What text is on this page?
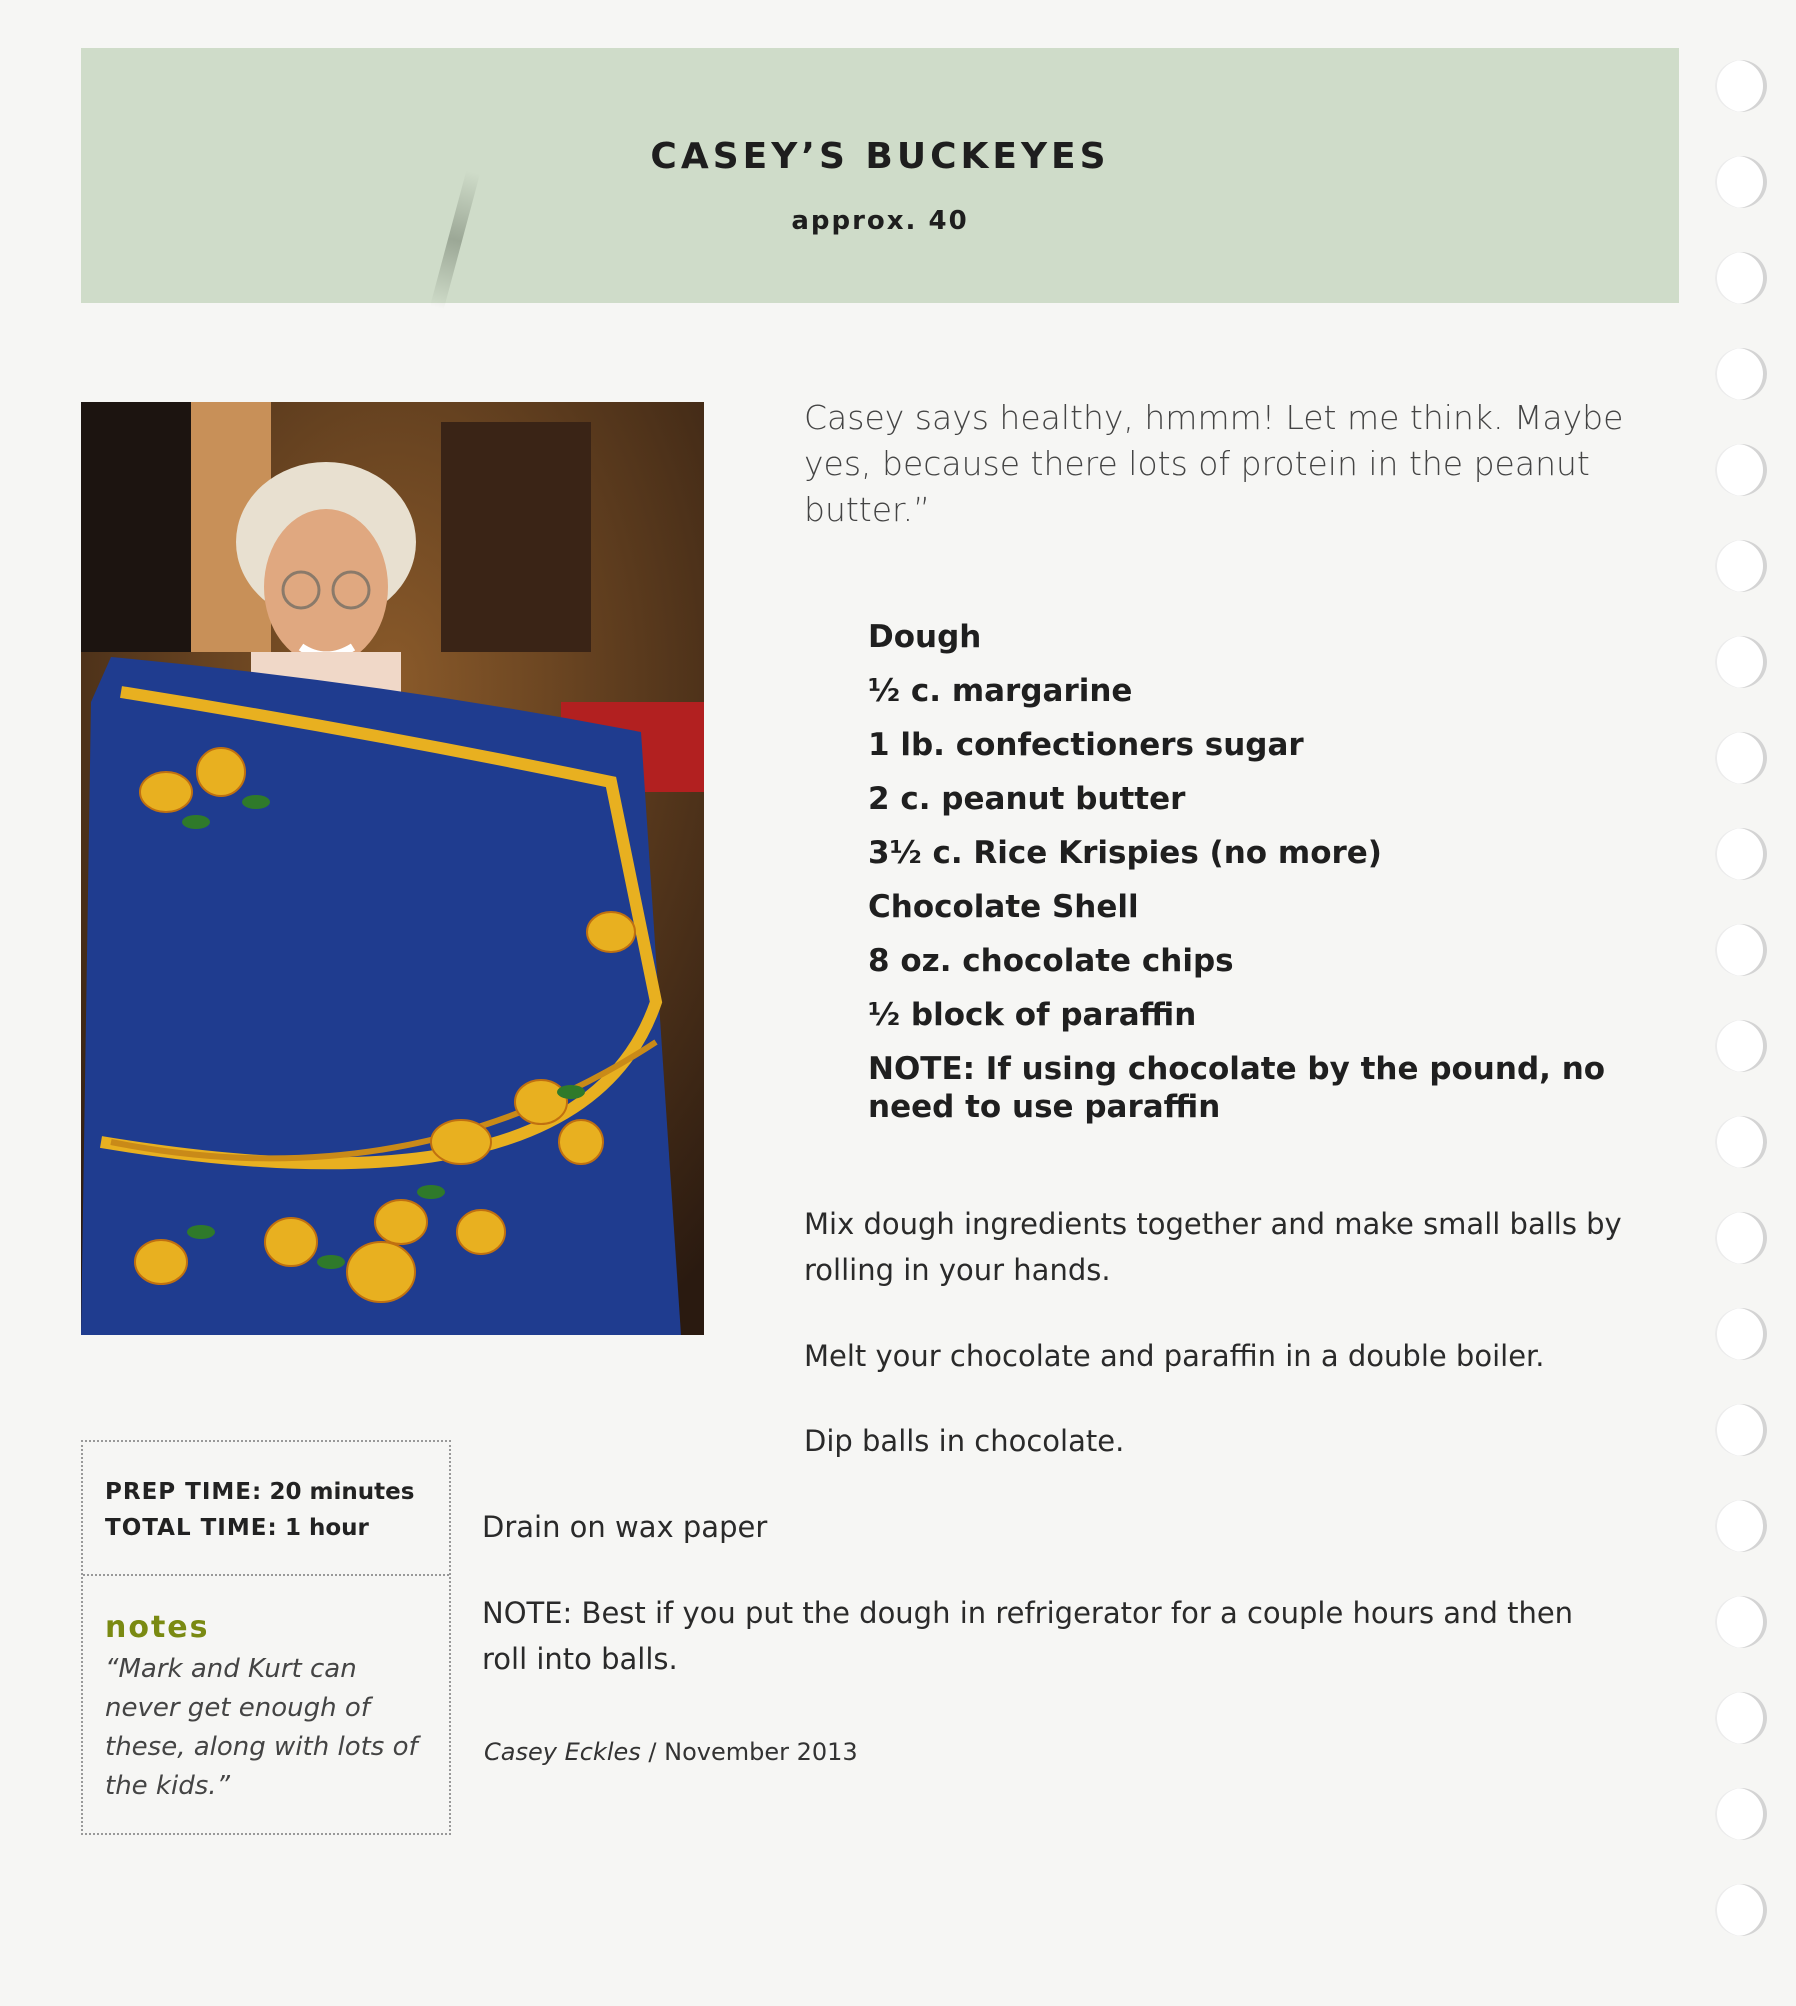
CASEY’S BUCKEYES
approx. 40
Casey says healthy, hmmm! Let me think. Maybe yes, because there lots of protein in the peanut butter.”
Dough
½ c. margarine
1 lb. confectioners sugar
2 c. peanut butter
3½ c. Rice Krispies (no more)
Chocolate Shell
8 oz. chocolate chips
½ block of paraffin
NOTE: If using chocolate by the pound, no need to use paraffin
Mix dough ingredients together and make small balls by rolling in your hands.
Melt your chocolate and paraffin in a double boiler.
Dip balls in chocolate.
Drain on wax paper
NOTE: Best if you put the dough in refrigerator for a couple hours and then roll into balls.
Casey Eckles / November 2013
PREP TIME: 20 minutes
TOTAL TIME: 1 hour
notes
“Mark and Kurt can never get enough of these, along with lots of the kids.”
